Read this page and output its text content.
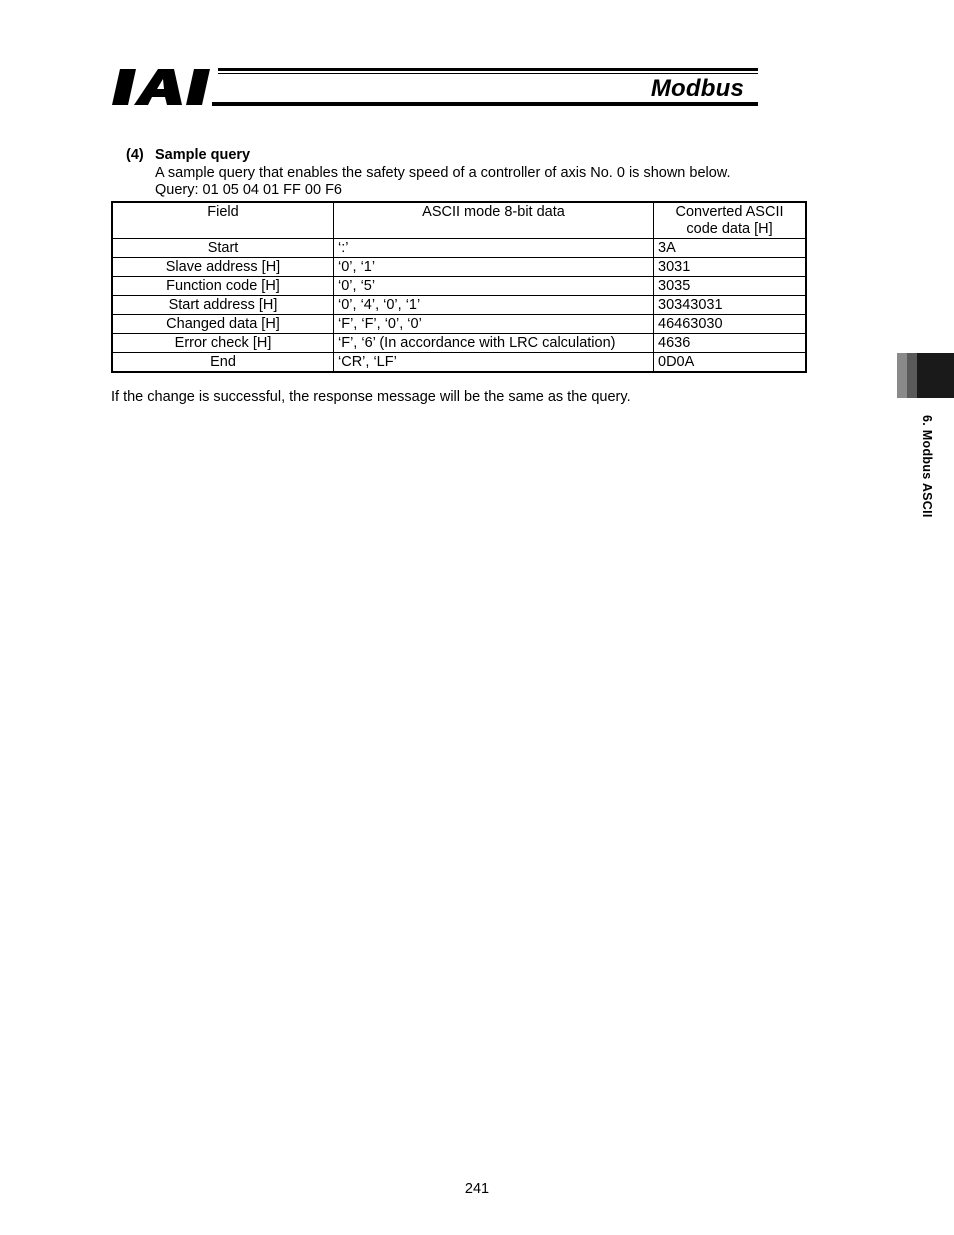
Modbus
(4) Sample query
A sample query that enables the safety speed of a controller of axis No. 0 is shown below.
Query: 01 05 04 01 FF 00 F6
Field	ASCII mode 8-bit data	Converted ASCII code data [H]
Start	‘:’	3A
Slave address [H]	‘0’, ‘1’	3031
Function code [H]	‘0’, ‘5’	3035
Start address [H]	‘0’, ‘4’, ‘0’, ‘1’	30343031
Changed data [H]	‘F’, ‘F’, ‘0’, ‘0’	46463030
Error check [H]	‘F’, ‘6’ (In accordance with LRC calculation)	4636
End	‘CR’, ‘LF’	0D0A
If the change is successful, the response message will be the same as the query.
6. Modbus ASCII
241
